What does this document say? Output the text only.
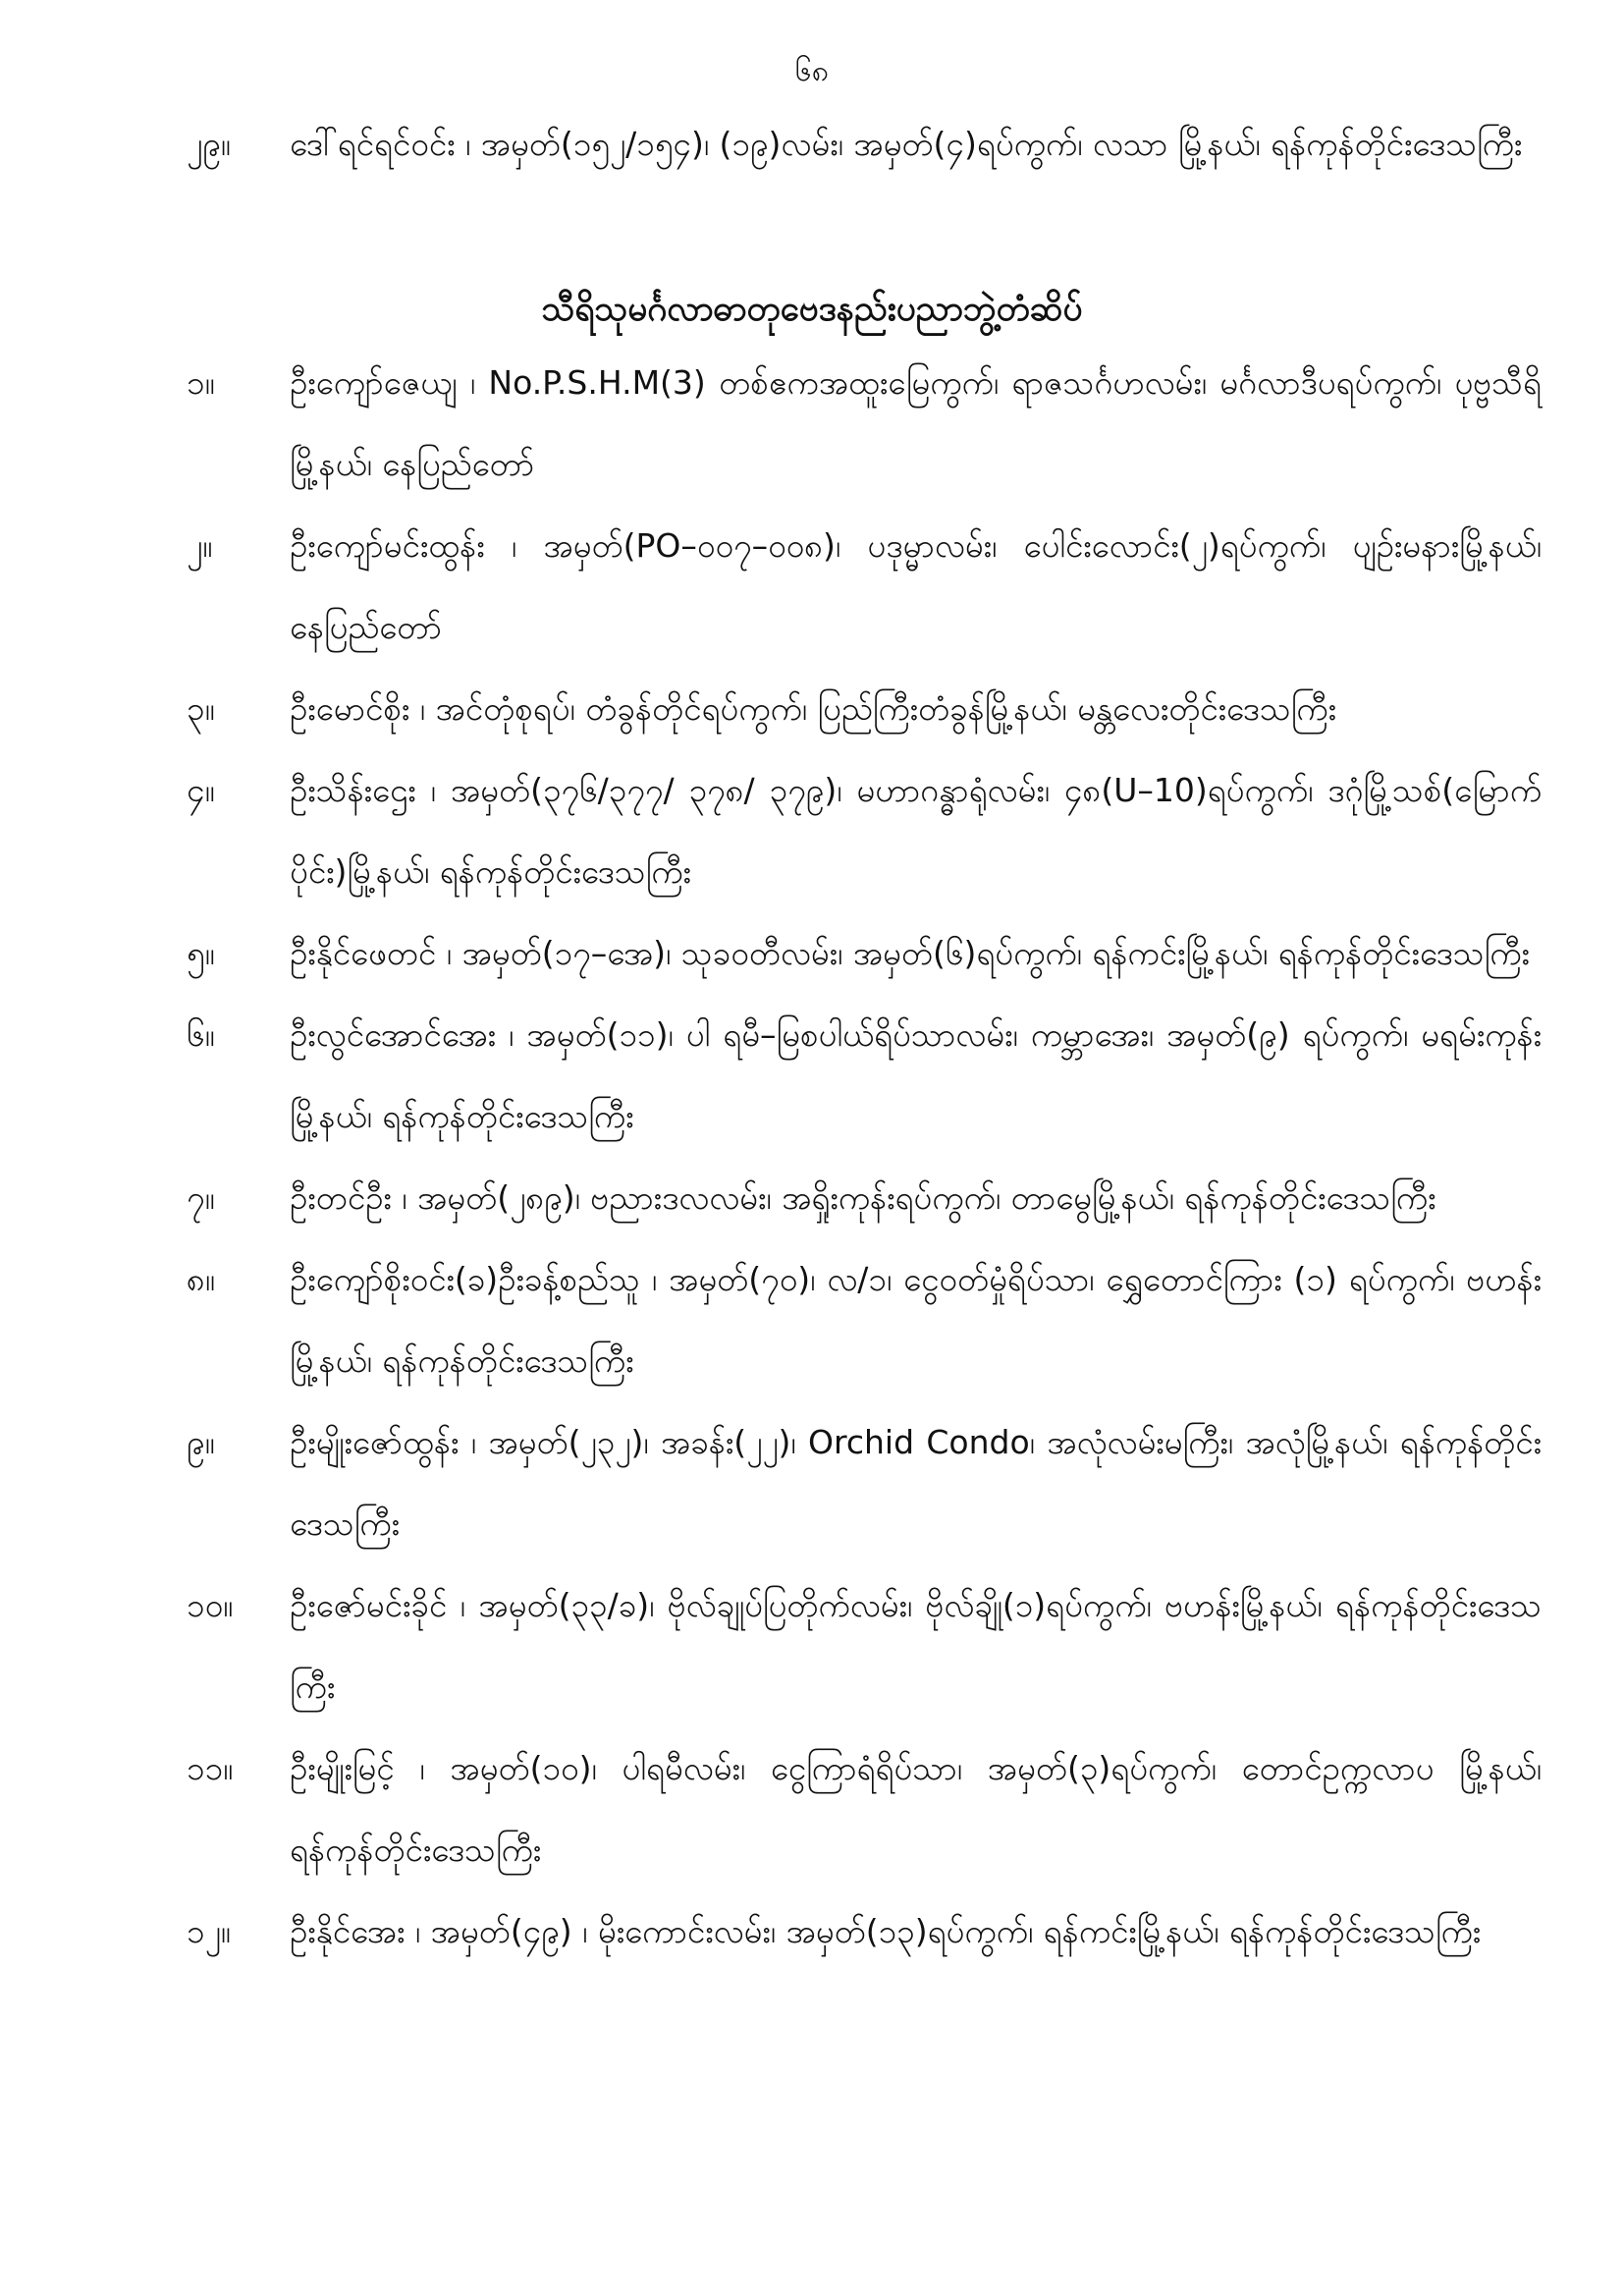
၆၈
၂၉။	ဒေါ်ရင်ရင်ဝင်း ၊ အမှတ်(၁၅၂/၁၅၄)၊ (၁၉)လမ်း၊ အမှတ်(၄)ရပ်ကွက်၊ လသာ မြို့နယ်၊ ရန်ကုန်တိုင်းဒေသကြီး
သီရိသုမင်္ဂလာဓာတုဗေဒနည်းပညာဘွဲ့တံဆိပ်
၁။	ဦးကျော်ဇေယျ ၊ No.P.S.H.M(3) တစ်ဧကအထူးမြေကွက်၊ ရာဇသင်္ဂဟလမ်း၊ မင်္ဂလာဒီပရပ်ကွက်၊ ပုဗ္ဗသီရိမြို့နယ်၊ နေပြည်တော်
၂။	ဦးကျော်မင်းထွန်း ၊ အမှတ်(PO–၀၀၇–၀၀၈)၊ ပဒုမ္မာလမ်း၊ ပေါင်းလောင်း(၂)ရပ်ကွက်၊ ပျဉ်းမနားမြို့နယ်၊ နေပြည်တော်
၃။	ဦးမောင်စိုး ၊ အင်တုံစုရပ်၊ တံခွန်တိုင်ရပ်ကွက်၊ ပြည်ကြီးတံခွန်မြို့နယ်၊ မန္တလေးတိုင်းဒေသကြီး
၄။	ဦးသိန်းဌေး ၊ အမှတ်(၃၇၆/၃၇၇/ ၃၇၈/ ၃၇၉)၊ မဟာဂန္ဓာရုံလမ်း၊ ၄၈(U–10)ရပ်ကွက်၊ ဒဂုံမြို့သစ်(မြောက်ပိုင်း)မြို့နယ်၊ ရန်ကုန်တိုင်းဒေသကြီး
၅။	ဦးနိုင်ဖေတင် ၊ အမှတ်(၁၇–အေ)၊ သုခဝတီလမ်း၊ အမှတ်(၆)ရပ်ကွက်၊ ရန်ကင်းမြို့နယ်၊ ရန်ကုန်တိုင်းဒေသကြီး
၆။	ဦးလွင်အောင်အေး ၊ အမှတ်(၁၁)၊ ပါ ရမီ–မြစပါယ်ရိပ်သာလမ်း၊ ကမ္ဘာအေး၊ အမှတ်(၉) ရပ်ကွက်၊ မရမ်းကုန်းမြို့နယ်၊ ရန်ကုန်တိုင်းဒေသကြီး
၇။	ဦးတင်ဦး ၊ အမှတ်(၂၈၉)၊ ဗညားဒလလမ်း၊ အရှိုးကုန်းရပ်ကွက်၊ တာမွေမြို့နယ်၊ ရန်ကုန်တိုင်းဒေသကြီး
၈။	ဦးကျော်စိုးဝင်း(ခ)ဦးခန့်စည်သူ ၊ အမှတ်(၇၀)၊ လ/၁၊ ငွေဝတ်မှုံရိပ်သာ၊ ရွှေတောင်ကြား (၁) ရပ်ကွက်၊ ဗဟန်းမြို့နယ်၊ ရန်ကုန်တိုင်းဒေသကြီး
၉။	ဦးမျိုးဇော်ထွန်း ၊ အမှတ်(၂၃၂)၊ အခန်း(၂၂)၊ Orchid Condo၊ အလုံလမ်းမကြီး၊ အလုံမြို့နယ်၊ ရန်ကုန်တိုင်းဒေသကြီး
၁၀။	ဦးဇော်မင်းခိုင် ၊ အမှတ်(၃၃/ခ)၊ ဗိုလ်ချုပ်ပြတိုက်လမ်း၊ ဗိုလ်ချို(၁)ရပ်ကွက်၊ ဗဟန်းမြို့နယ်၊ ရန်ကုန်တိုင်းဒေသကြီး
၁၁။	ဦးမျိုးမြင့် ၊ အမှတ်(၁၀)၊ ပါရမီလမ်း၊ ငွေကြာရံရိပ်သာ၊ အမှတ်(၃)ရပ်ကွက်၊ တောင်ဥက္ကလာပ မြို့နယ်၊ ရန်ကုန်တိုင်းဒေသကြီး
၁၂။	ဦးနိုင်အေး ၊ အမှတ်(၄၉) ၊ မိုးကောင်းလမ်း၊ အမှတ်(၁၃)ရပ်ကွက်၊ ရန်ကင်းမြို့နယ်၊ ရန်ကုန်တိုင်းဒေသကြီး
